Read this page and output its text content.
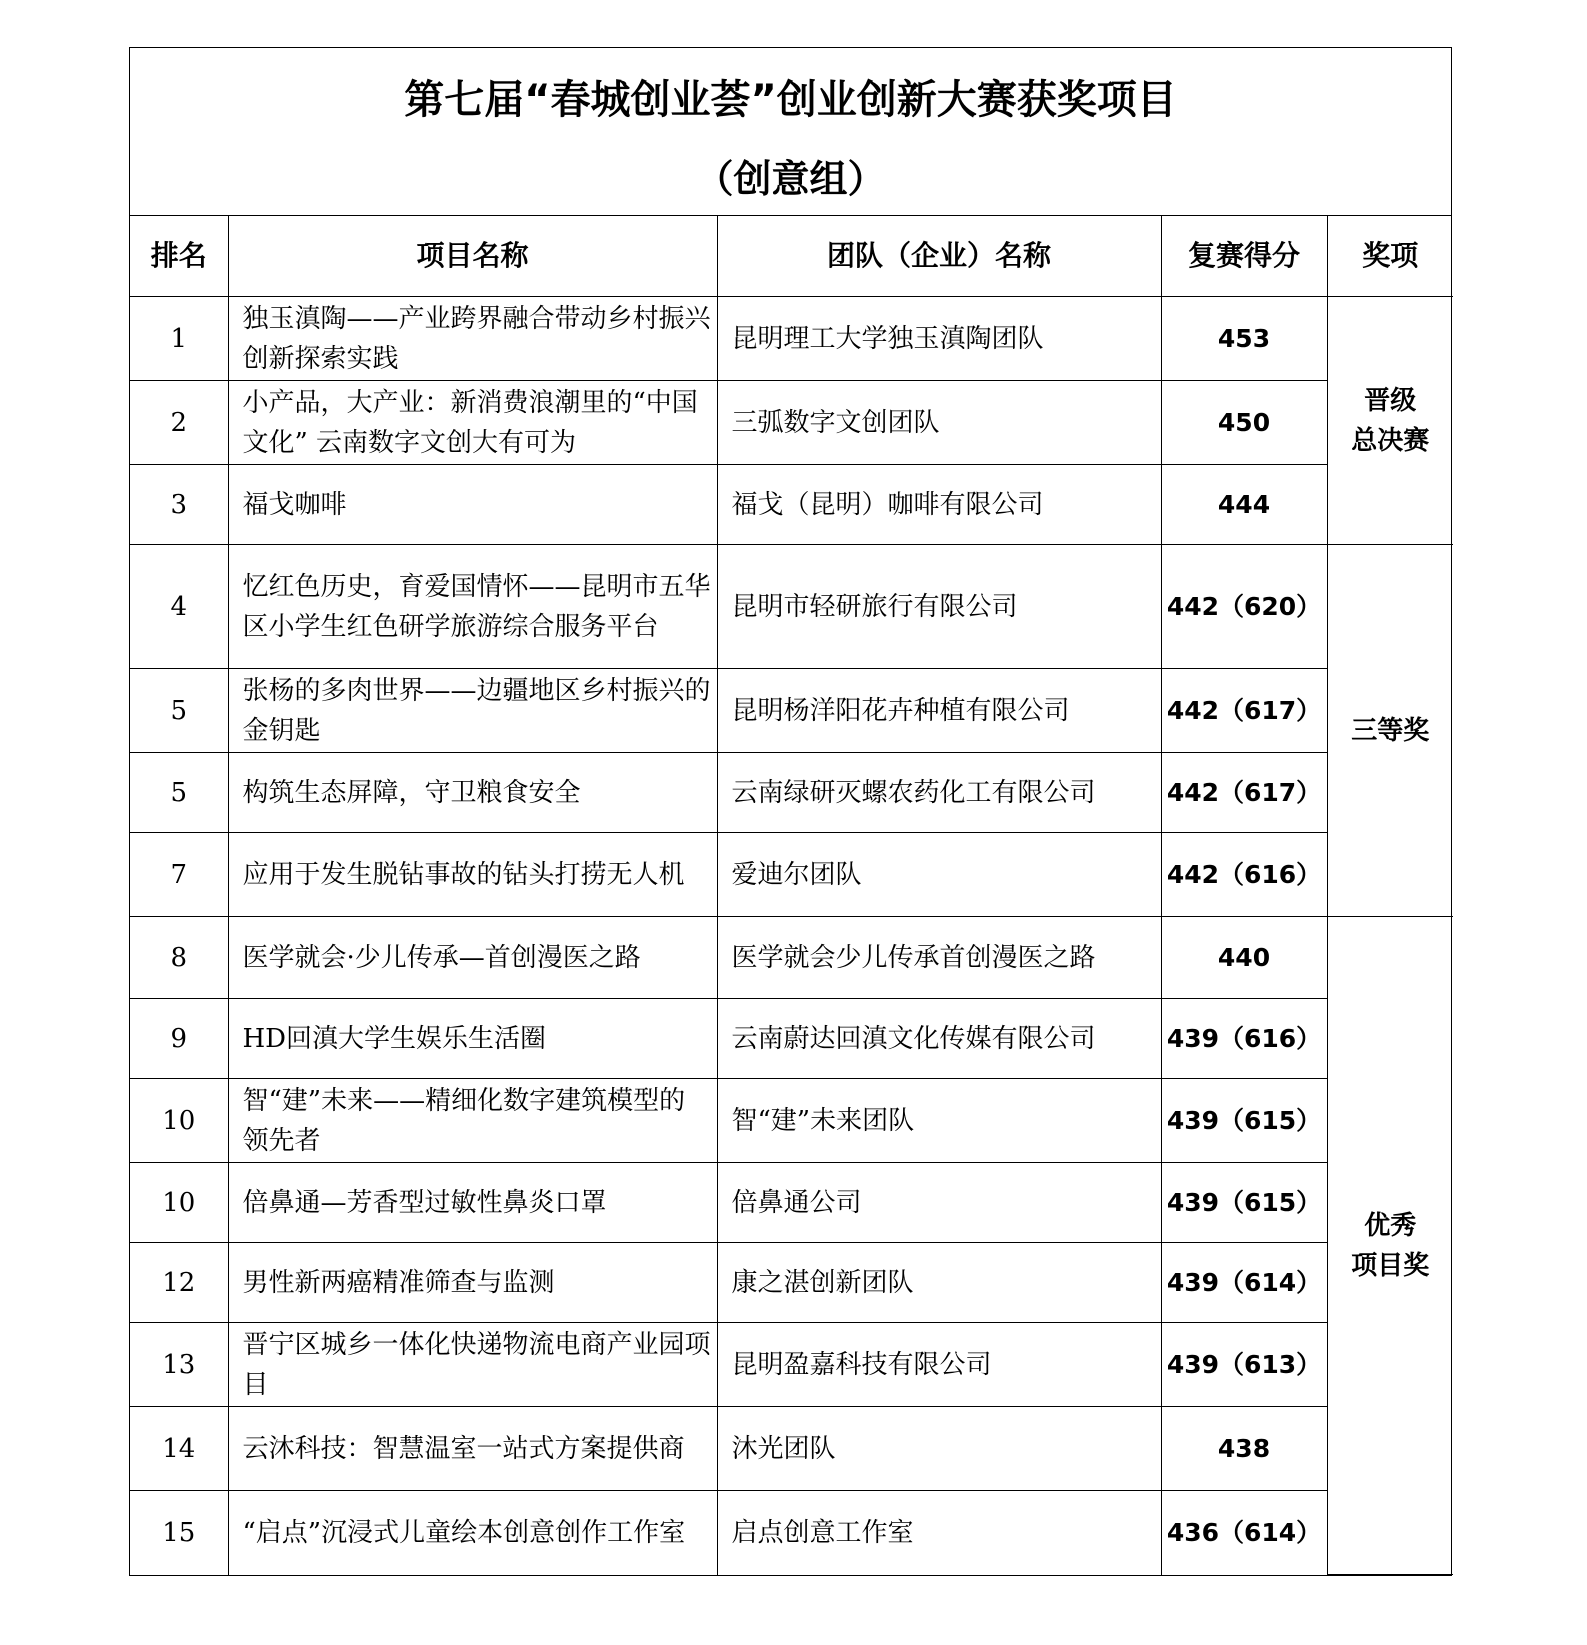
第七届“春城创业荟”创业创新大赛获奖项目
（创意组）
排名	项目名称	团队（企业）名称	复赛得分	奖项
1	独玉滇陶——产业跨界融合带动乡村振兴创新探索实践	昆明理工大学独玉滇陶团队	453	晋级
总决赛

2	小产品，大产业：新消费浪潮里的“中国文化” 云南数字文创大有可为	三弧数字文创团队	450	
3	福戈咖啡	福戈（昆明）咖啡有限公司	444	
4	忆红色历史，育爱国情怀——昆明市五华区小学生红色研学旅游综合服务平台	昆明市轻研旅行有限公司	442（620）	三等奖

5	张杨的多肉世界——边疆地区乡村振兴的金钥匙	昆明杨洋阳花卉种植有限公司	442（617）	
5	构筑生态屏障，守卫粮食安全	云南绿研灭螺农药化工有限公司	442（617）	
7	应用于发生脱钻事故的钻头打捞无人机	爱迪尔团队	442（616）	
8	医学就会·少儿传承—首创漫医之路	医学就会少儿传承首创漫医之路	440	优秀
项目奖

9	HD回滇大学生娱乐生活圈	云南蔚达回滇文化传媒有限公司	439（616）	
10	智“建”未来——精细化数字建筑模型的领先者	智“建”未来团队	439（615）	
10	倍鼻通—芳香型过敏性鼻炎口罩	倍鼻通公司	439（615）	
12	男性新两癌精准筛查与监测	康之湛创新团队	439（614）	
13	晋宁区城乡一体化快递物流电商产业园项目	昆明盈嘉科技有限公司	439（613）	
14	云沐科技：智慧温室一站式方案提供商	沐光团队	438	
15	“启点”沉浸式儿童绘本创意创作工作室	启点创意工作室	436（614）	
